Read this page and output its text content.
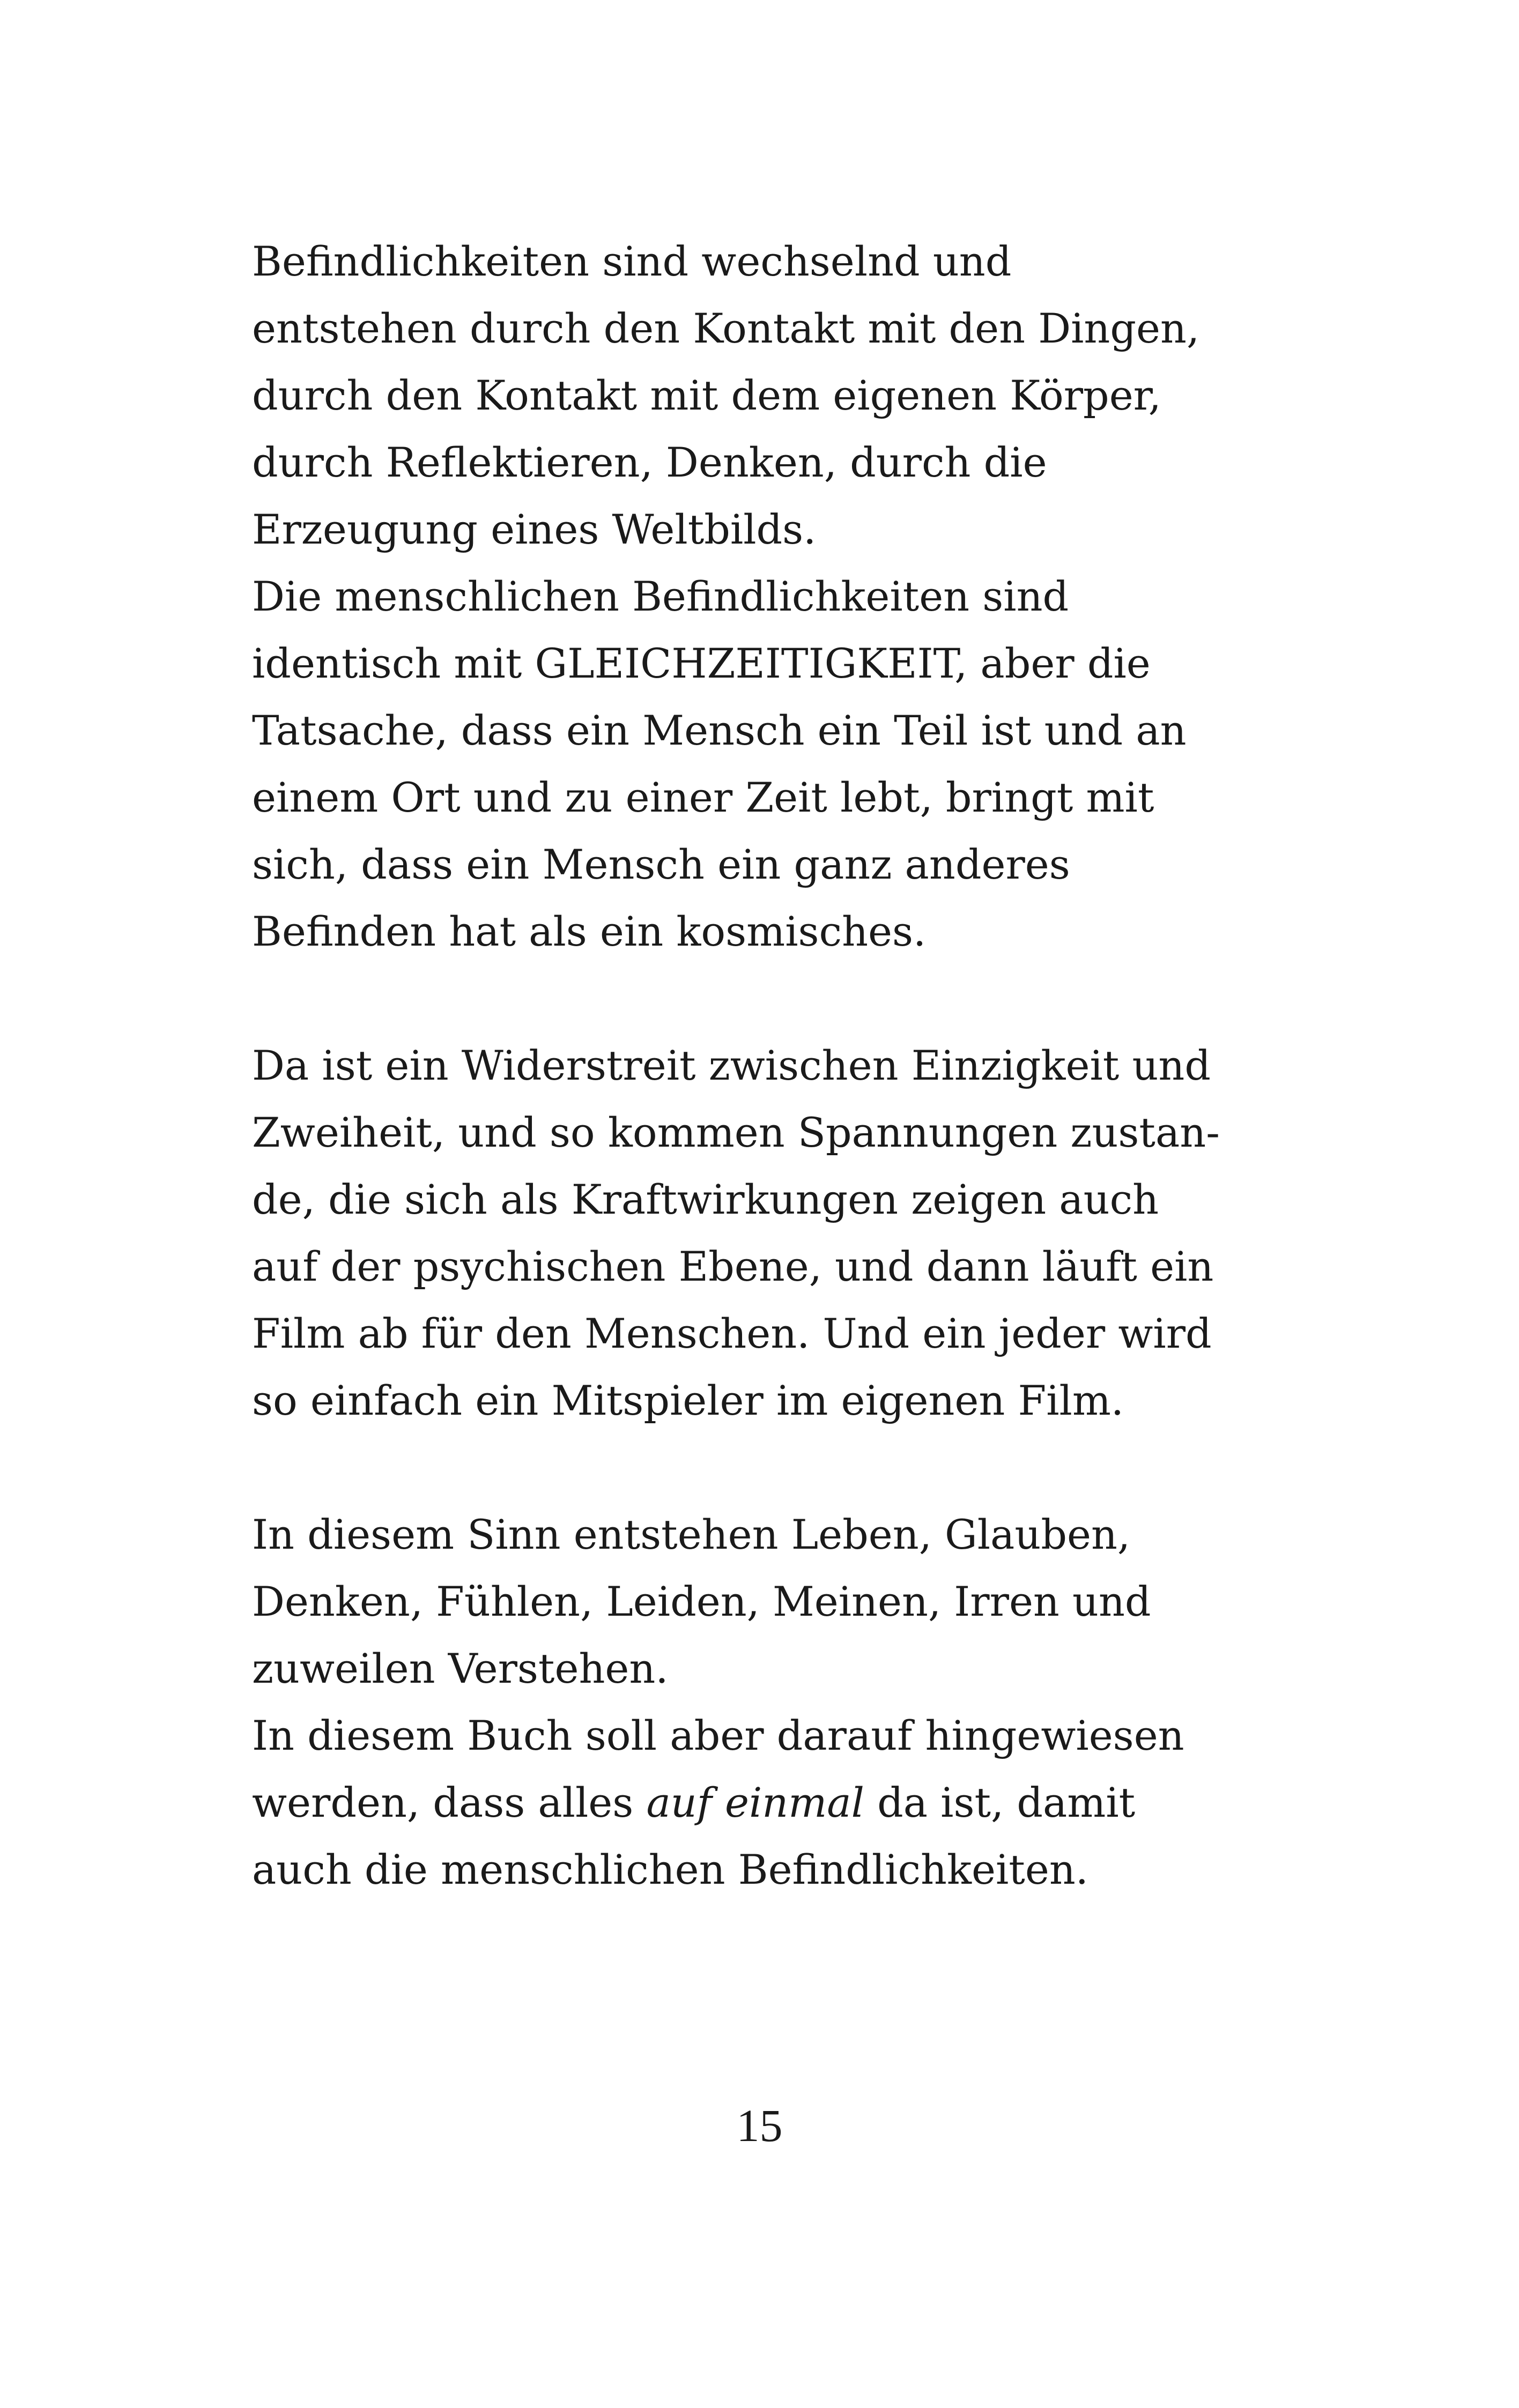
Befindlichkeiten sind wechselnd und
entstehen durch den Kontakt mit den Dingen,
durch den Kontakt mit dem eigenen Körper,
durch Reflektieren, Denken, durch die
Erzeugung eines Weltbilds.
Die menschlichen Befindlichkeiten sind
identisch mit GLEICHZEITIGKEIT, aber die
Tatsache, dass ein Mensch ein Teil ist und an
einem Ort und zu einer Zeit lebt, bringt mit
sich, dass ein Mensch ein ganz anderes
Befinden hat als ein kosmisches.
Da ist ein Widerstreit zwischen Einzigkeit und
Zweiheit, und so kommen Spannungen zustan-
de, die sich als Kraftwirkungen zeigen auch
auf der psychischen Ebene, und dann läuft ein
Film ab für den Menschen. Und ein jeder wird
so einfach ein Mitspieler im eigenen Film.
In diesem Sinn entstehen Leben, Glauben,
Denken, Fühlen, Leiden, Meinen, Irren und
zuweilen Verstehen.
In diesem Buch soll aber darauf hingewiesen
werden, dass alles auf einmal da ist, damit
auch die menschlichen Befindlichkeiten.
15
